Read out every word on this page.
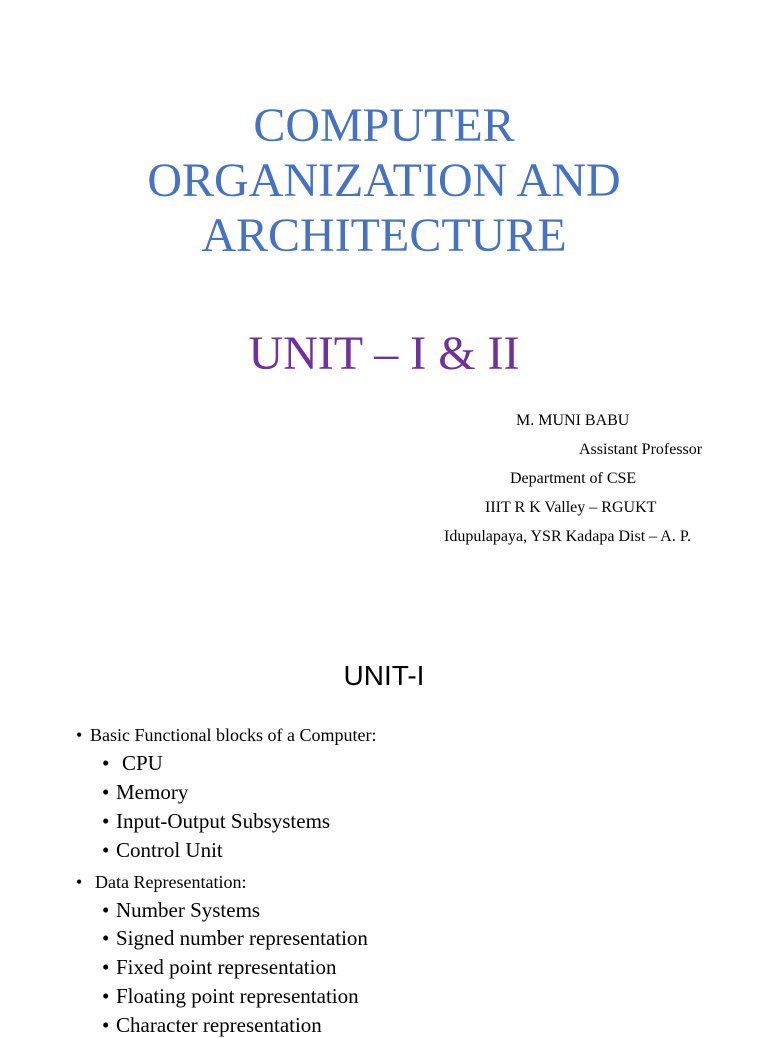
COMPUTER
ORGANIZATION AND
ARCHITECTURE
UNIT – I & II
M. MUNI BABU
Assistant Professor
Department of CSE
IIIT R K Valley – RGUKT
Idupulapaya, YSR Kadapa Dist – A. P.
UNIT-I
• Basic Functional blocks of a Computer:
• CPU
• Memory
• Input-Output Subsystems
• Control Unit
• Data Representation:
• Number Systems
• Signed number representation
• Fixed point representation
• Floating point representation
• Character representation
